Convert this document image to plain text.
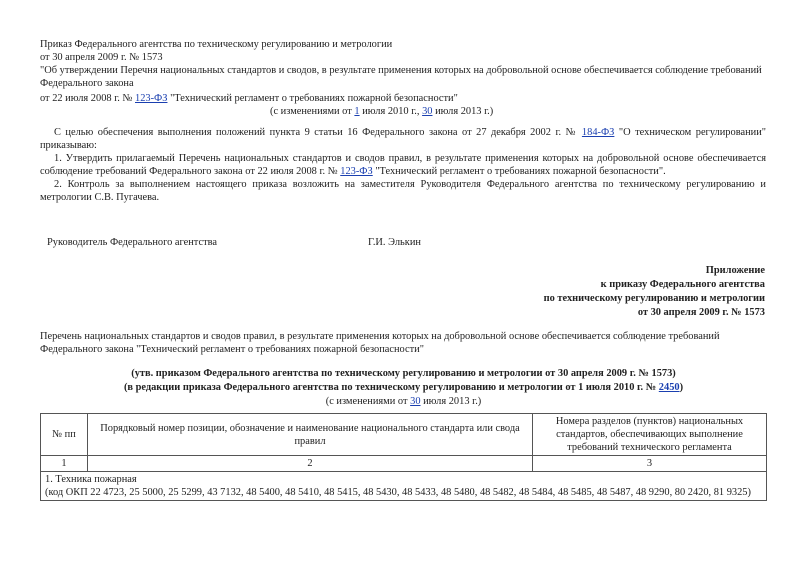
Приказ Федерального агентства по техническому регулированию и метрологии
от 30 апреля 2009 г. № 1573
"Об утверждении Перечня национальных стандартов и сводов, в результате применения которых на добровольной основе обеспечивается соблюдение требований Федерального закона
от 22 июля 2008 г. № 123-ФЗ "Технический регламент о требованиях пожарной безопасности"
(с изменениями от 1 июля 2010 г., 30 июля 2013 г.)

С целью обеспечения выполнения положений пункта 9 статьи 16 Федерального закона от 27 декабря 2002 г. № 184-ФЗ "О техническом регулировании" приказываю:

1. Утвердить прилагаемый Перечень национальных стандартов и сводов правил, в результате применения которых на добровольной основе обеспечивается соблюдение требований Федерального закона от 22 июля 2008 г. № 123-ФЗ "Технический регламент о требованиях пожарной безопасности".

2. Контроль за выполнением настоящего приказа возложить на заместителя Руководителя Федерального агентства по техническому регулированию и метрологии С.В. Пугачева.

Руководитель Федерального агентства	Г.И. Элькин
Приложение
к приказу Федерального агентства
по техническому регулированию и метрологии
от 30 апреля 2009 г. № 1573
Перечень национальных стандартов и сводов правил, в результате применения которых на добровольной основе обеспечивается соблюдение требований Федерального закона "Технический регламент о требованиях пожарной безопасности"
(утв. приказом Федерального агентства по техническому регулированию и метрологии от 30 апреля 2009 г. № 1573)
(в редакции приказа Федерального агентства по техническому регулированию и метрологии от 1 июля 2010 г. № 2450)
(с изменениями от 30 июля 2013 г.)
№ пп	Порядковый номер позиции, обозначение и наименование национального стандарта или свода правил	Номера разделов (пунктов) национальных стандартов, обеспечивающих выполнение требований технического регламента
1	2	3

1. Техника пожарная
(код ОКП 22 4723, 25 5000, 25 5299, 43 7132, 48 5400, 48 5410, 48 5415, 48 5430, 48 5433, 48 5480, 48 5482, 48 5484, 48 5485, 48 5487, 48 9290, 80 2420, 81 9325)		
